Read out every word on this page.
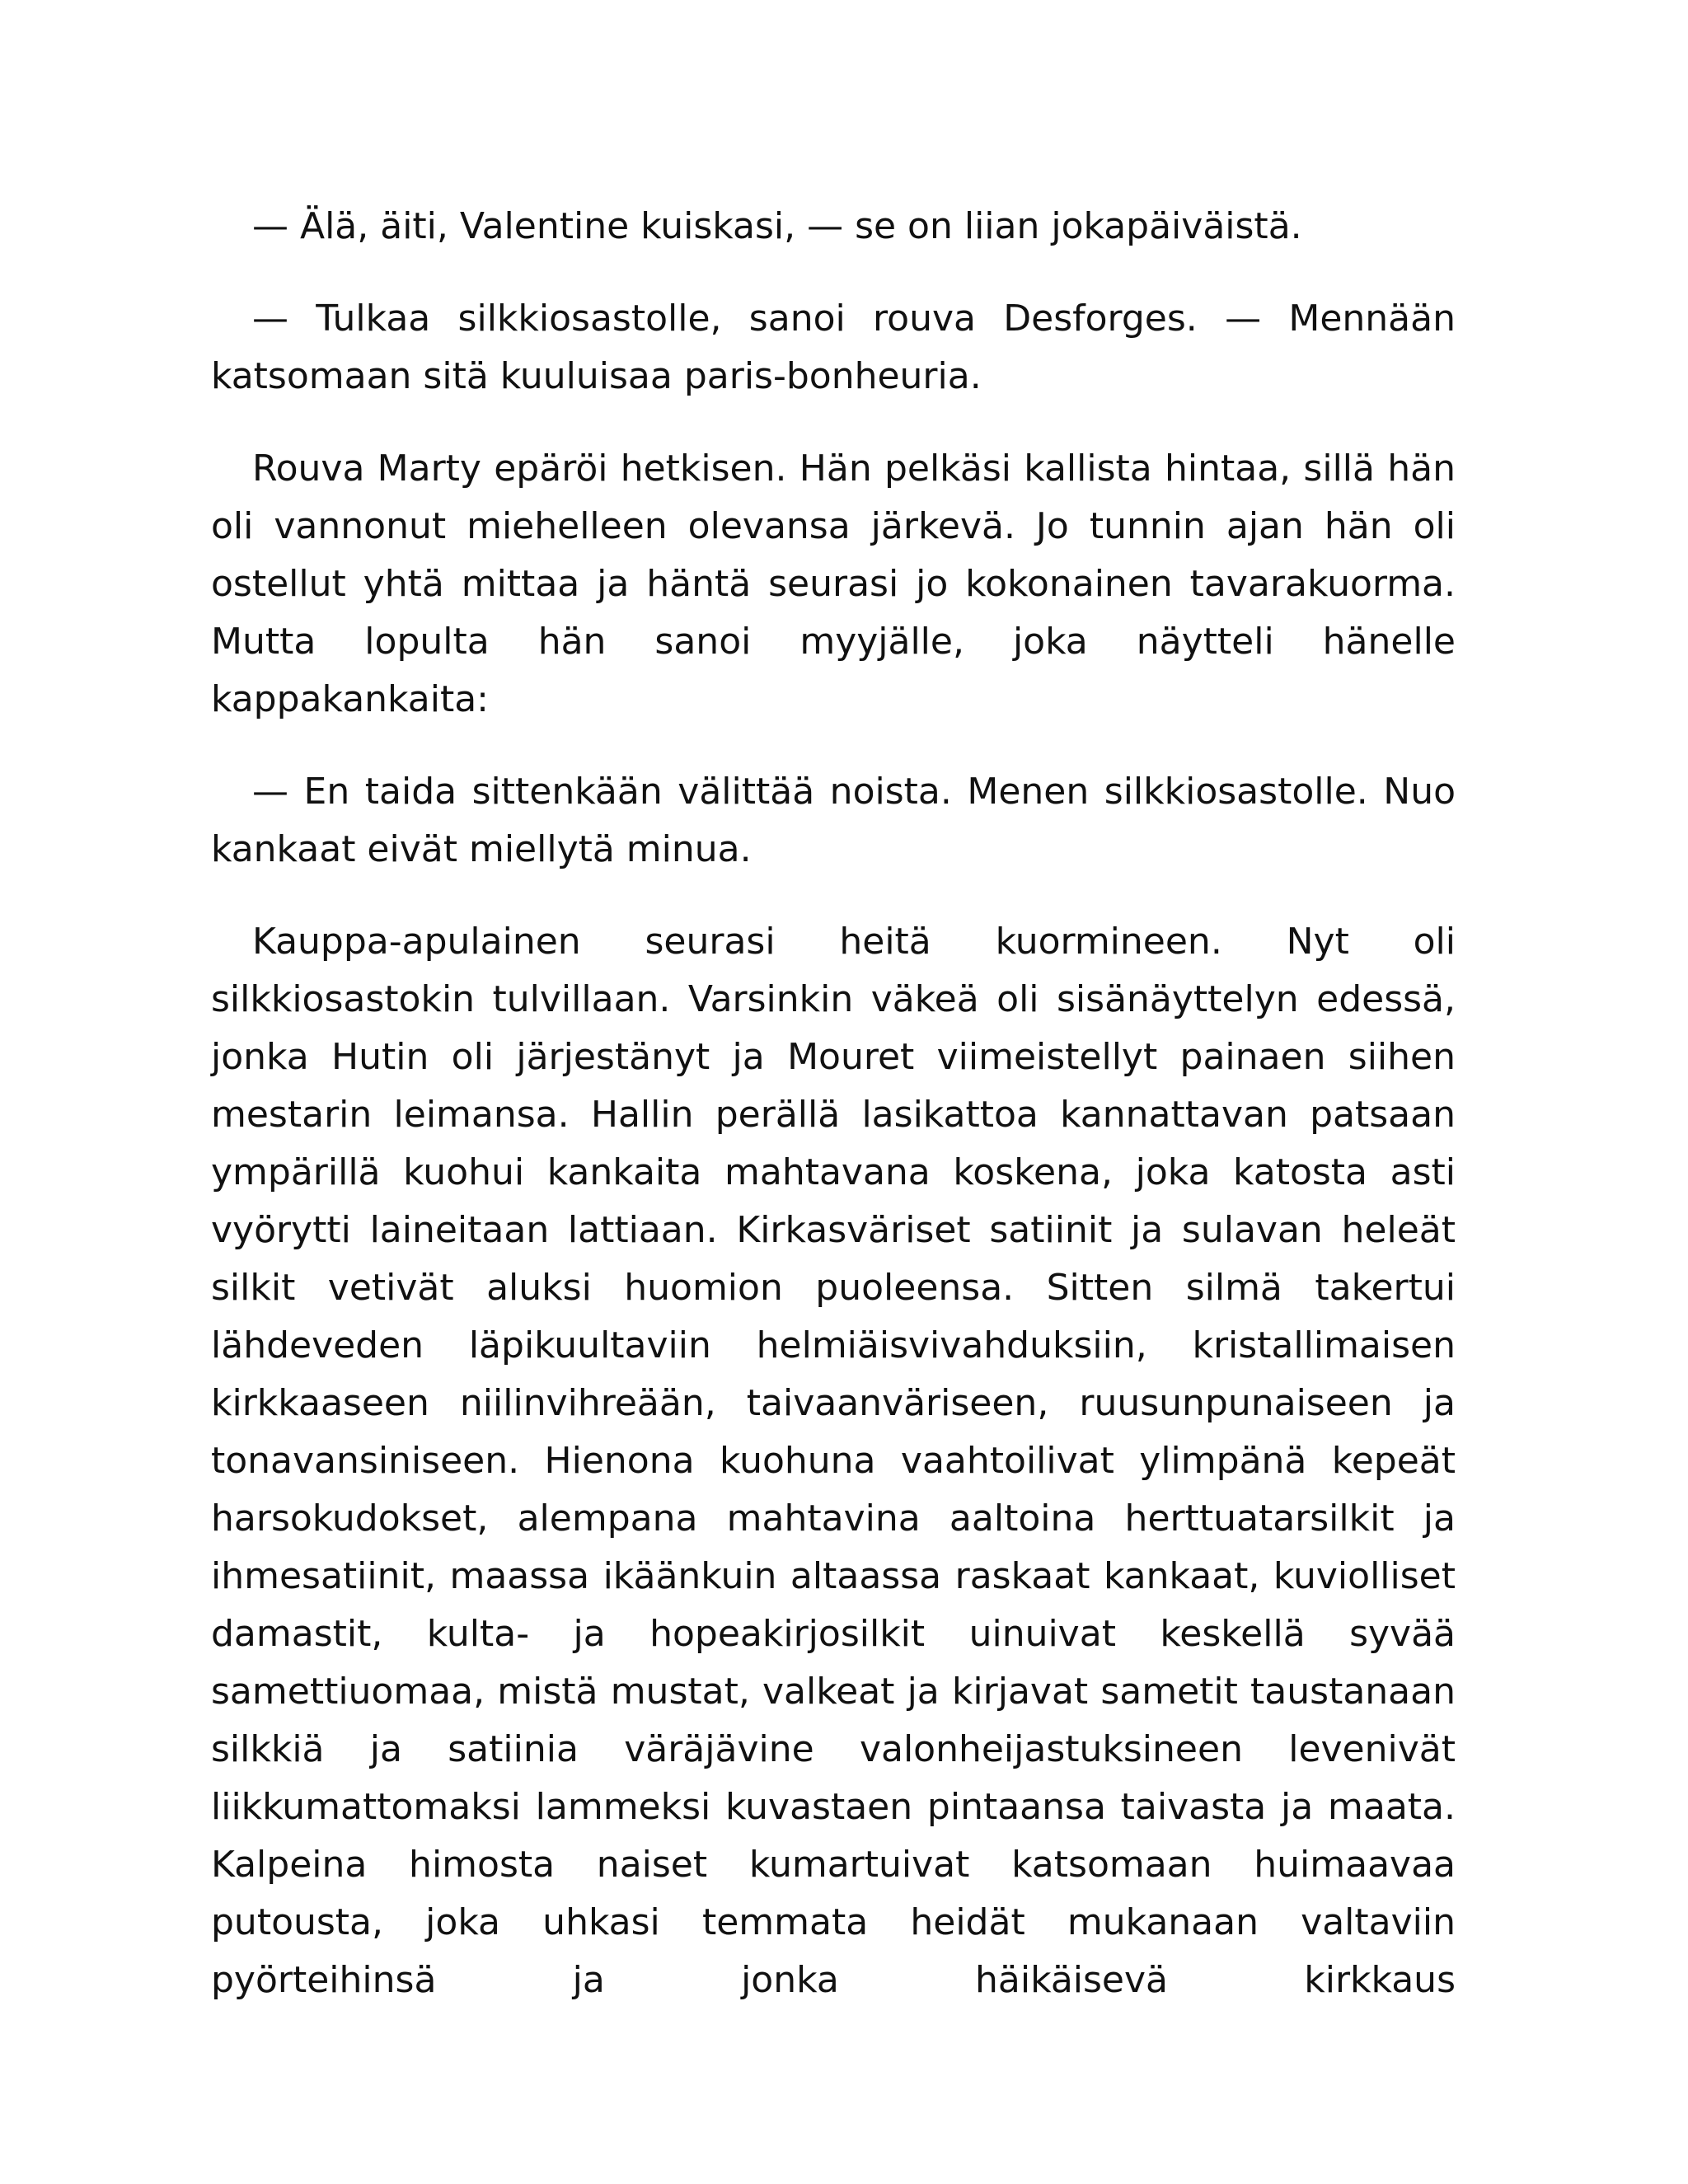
— Älä, äiti, Valentine kuiskasi, — se on liian jokapäiväistä.

— Tulkaa silkkiosastolle, sanoi rouva Desforges. — Mennään katsomaan sitä kuuluisaa paris-bonheuria.

Rouva Marty epäröi hetkisen. Hän pelkäsi kallista hintaa, sillä hän oli vannonut miehelleen olevansa järkevä. Jo tunnin ajan hän oli ostellut yhtä mittaa ja häntä seurasi jo kokonainen tavarakuorma. Mutta lopulta hän sanoi myyjälle, joka näytteli hänelle kappakankaita:

— En taida sittenkään välittää noista. Menen silkkiosastolle. Nuo kankaat eivät miellytä minua.

Kauppa-apulainen seurasi heitä kuormineen. Nyt oli silkkiosastokin tulvillaan. Varsinkin väkeä oli sisänäyttelyn edessä, jonka Hutin oli järjestänyt ja Mouret viimeistellyt painaen siihen mestarin leimansa. Hallin perällä lasikattoa kannattavan patsaan ympärillä kuohui kankaita mahtavana koskena, joka katosta asti vyörytti laineitaan lattiaan. Kirkasväriset satiinit ja sulavan heleät silkit vetivät aluksi huomion puoleensa. Sitten silmä takertui lähdeveden läpikuultaviin helmiäisvivahduksiin, kristallimaisen kirkkaaseen niilinvihreään, taivaanväriseen, ruusunpunaiseen ja tonavansiniseen. Hienona kuohuna vaahtoilivat ylimpänä kepeät harsokudokset, alempana mahtavina aaltoina herttuatarsilkit ja ihmesatiinit, maassa ikäänkuin altaassa raskaat kankaat, kuviolliset damastit, kulta- ja hopeakirjosilkit uinuivat keskellä syvää samettiuomaa, mistä mustat, valkeat ja kirjavat sametit taustanaan silkkiä ja satiinia väräjävine valonheijastuksineen levenivät liikkumattomaksi lammeksi kuvastaen pintaansa taivasta ja maata. Kalpeina himosta naiset kumartuivat katsomaan huimaavaa putousta, joka uhkasi temmata heidät mukanaan valtaviin pyörteihinsä ja jonka häikäisevä kirkkaus
